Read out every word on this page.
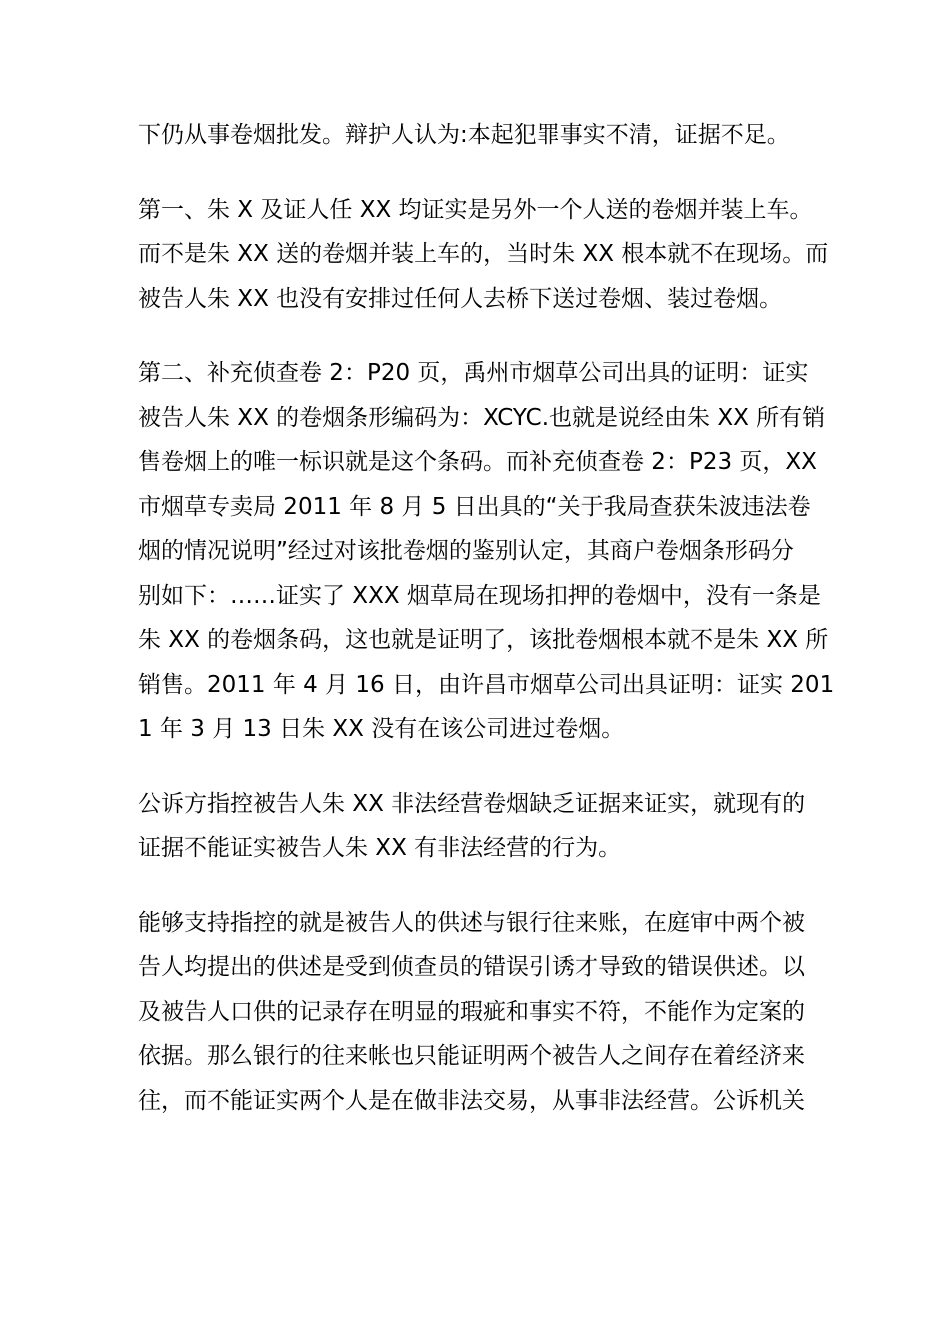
下仍从事卷烟批发。辩护人认为:本起犯罪事实不清，证据不足。

第一、朱 X 及证人任 XX 均证实是另外一个人送的卷烟并装上车。
而不是朱 XX 送的卷烟并装上车的，当时朱 XX 根本就不在现场。而
被告人朱 XX 也没有安排过任何人去桥下送过卷烟、装过卷烟。

第二、补充侦查卷 2：P20 页，禹州市烟草公司出具的证明：证实
被告人朱 XX 的卷烟条形编码为：XCYC.也就是说经由朱 XX 所有销
售卷烟上的唯一标识就是这个条码。而补充侦查卷 2：P23 页，XX
市烟草专卖局 2011 年 8 月 5 日出具的“关于我局查获朱波违法卷
烟的情况说明”经过对该批卷烟的鉴别认定，其商户卷烟条形码分
别如下：……证实了 XXX 烟草局在现场扣押的卷烟中，没有一条是
朱 XX 的卷烟条码，这也就是证明了，该批卷烟根本就不是朱 XX 所
销售。2011 年 4 月 16 日，由许昌市烟草公司出具证明：证实 201
1 年 3 月 13 日朱 XX 没有在该公司进过卷烟。

公诉方指控被告人朱 XX 非法经营卷烟缺乏证据来证实，就现有的
证据不能证实被告人朱 XX 有非法经营的行为。

能够支持指控的就是被告人的供述与银行往来账，在庭审中两个被
告人均提出的供述是受到侦查员的错误引诱才导致的错误供述。以
及被告人口供的记录存在明显的瑕疵和事实不符，不能作为定案的
依据。那么银行的往来帐也只能证明两个被告人之间存在着经济来
往，而不能证实两个人是在做非法交易，从事非法经营。公诉机关
